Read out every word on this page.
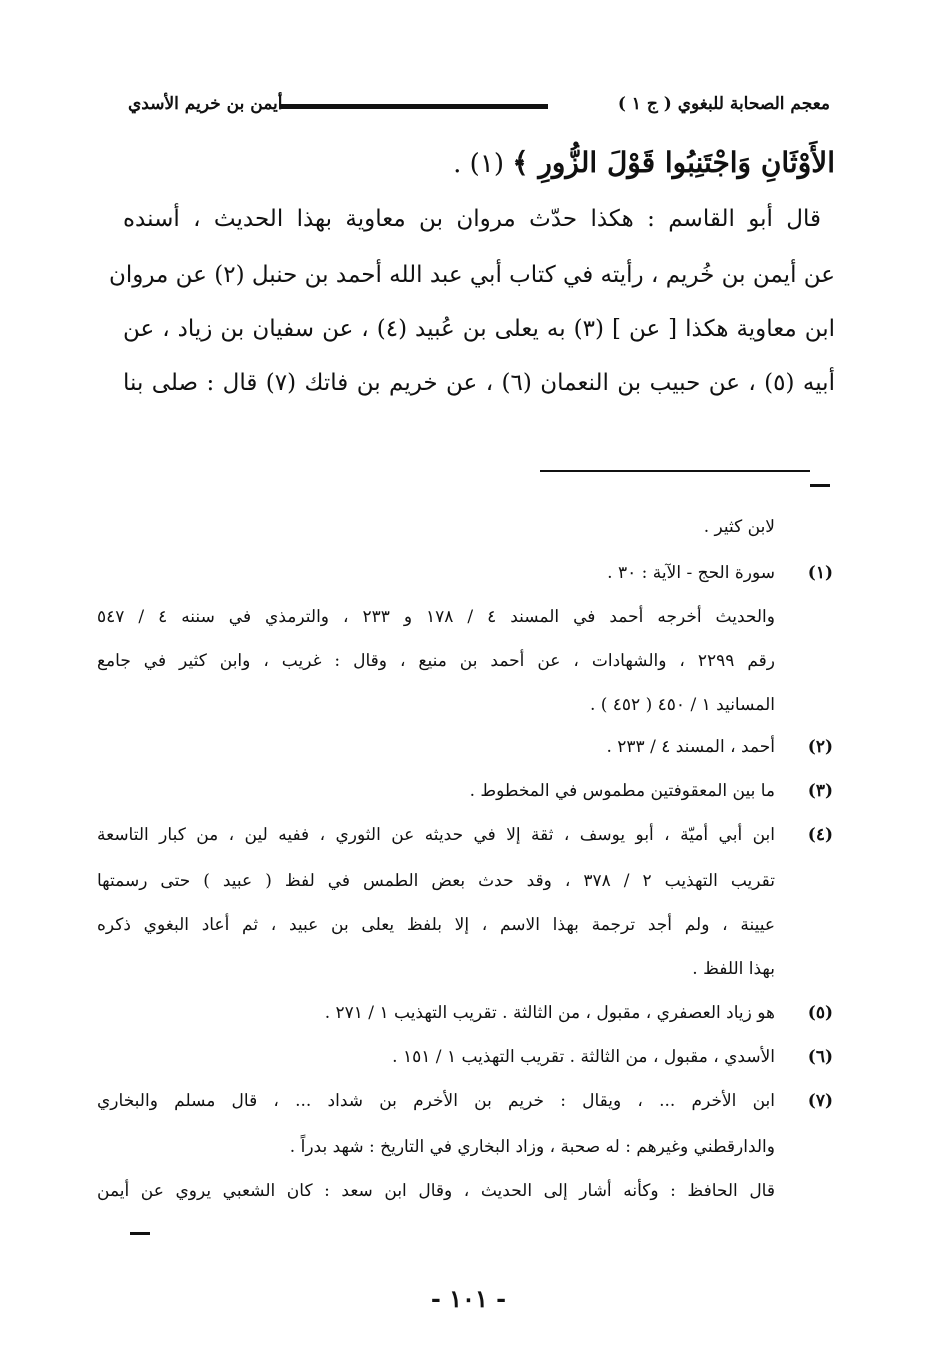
معجم الصحابة للبغوي ( ج ١ )
أيمن بن خريم الأسدي
الأَوْثَانِ وَاجْتَنِبُوا قَوْلَ الزُّورِ ﴾ (١) .
قال أبو القاسم : هكذا حدّث مروان بن معاوية بهذا الحديث ، أسنده
عن أيمن بن خُريم ، رأيته في كتاب أبي عبد الله أحمد بن حنبل (٢) عن مروان
ابن معاوية هكذا [ عن ] (٣) به يعلى بن عُبيد (٤) ، عن سفيان بن زياد ، عن
أبيه (٥) ، عن حبيب بن النعمان (٦) ، عن خريم بن فاتك (٧) قال : صلى بنا
لابن كثير .
(١)
سورة الحج - الآية : ٣٠ .
والحديث أخرجه أحمد في المسند ٤ / ١٧٨ و ٢٣٣ ، والترمذي في سننه ٤ / ٥٤٧
رقم ٢٢٩٩ ، والشهادات ، عن أحمد بن منيع ، وقال : غريب ، وابن كثير في جامع
المسانيد ١ / ٤٥٠ ( ٤٥٢ ) .
(٢)
أحمد ، المسند ٤ / ٢٣٣ .
(٣)
ما بين المعقوفتين مطموس في المخطوط .
(٤)
ابن أبي أميّة ، أبو يوسف ، ثقة إلا في حديثه عن الثوري ، ففيه لين ، من كبار التاسعة
تقريب التهذيب ٢ / ٣٧٨ ، وقد حدث بعض الطمس في لفظ ( عبيد ) حتى رسمتها
عيينة ، ولم أجد ترجمة بهذا الاسم ، إلا بلفظ يعلى بن عبيد ، ثم أعاد البغوي ذكره
بهذا اللفظ .
(٥)
هو زياد العصفري ، مقبول ، من الثالثة . تقريب التهذيب ١ / ٢٧١ .
(٦)
الأسدي ، مقبول ، من الثالثة . تقريب التهذيب ١ / ١٥١ .
(٧)
ابن الأخرم ... ، ويقال : خريم بن الأخرم بن شداد ... ، قال مسلم والبخاري
والدارقطني وغيرهم : له صحبة ، وزاد البخاري في التاريخ : شهد بدراً .
قال الحافظ : وكأنه أشار إلى الحديث ، وقال ابن سعد : كان الشعبي يروي عن أيمن
- ١٠١ -
